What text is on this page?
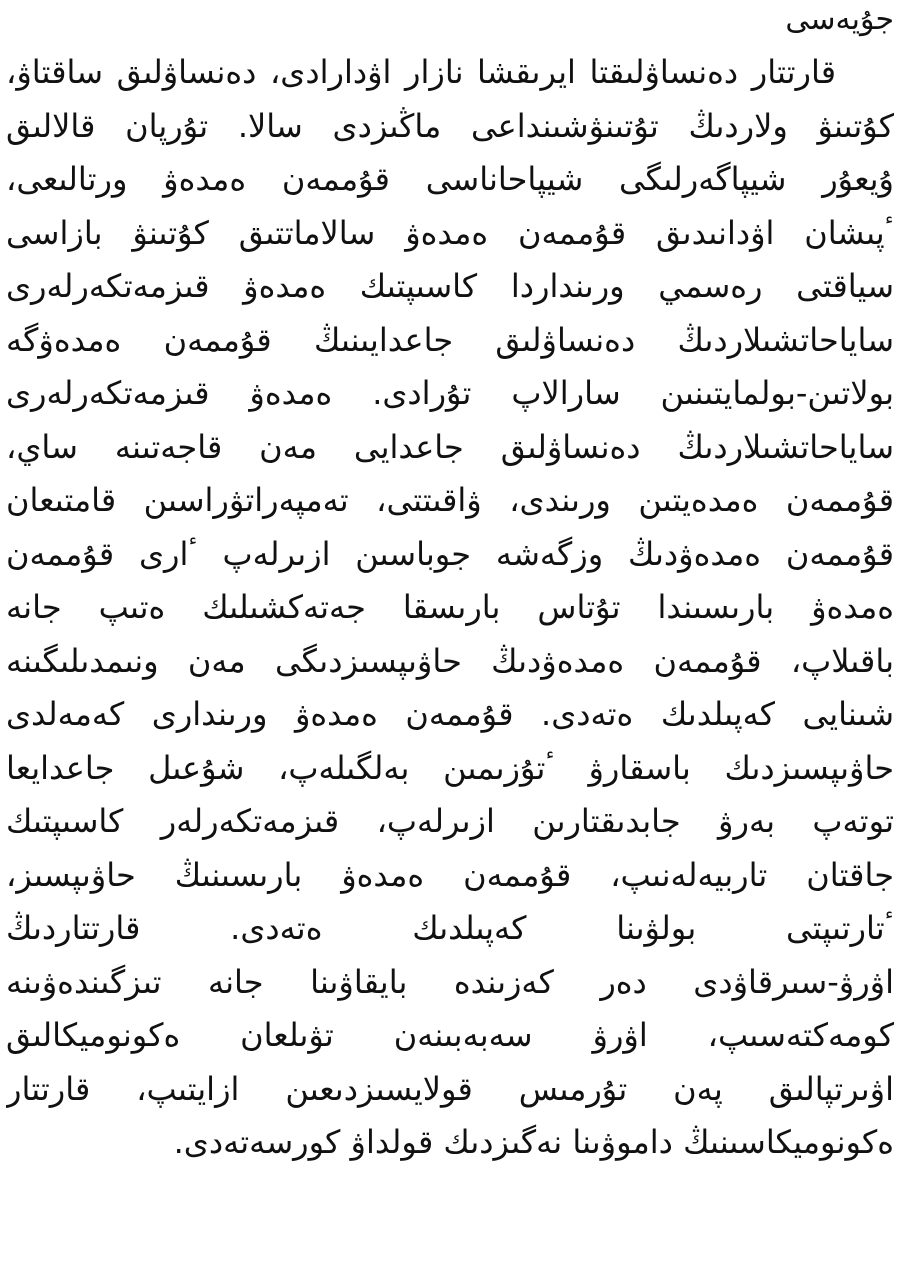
جۇيەسى
قارتتار دەنساۋلىقتا ايرىقشا نازار اۋدارادى، دەنساۋلىق ساقتاۋ،
كۇتىنۋ ولاردىڭ تۇتىنۋشىنداعى ماڭىزدى سالا. تۇرپان قالالىق
ۇيعۇر شيپاگەرلىگى شيپاحاناسى قۇممەن ەمدەۋ ورتالىعى،
ٴپىشان اۋدانىدىق قۇممەن ەمدەۋ سالاماتتىق كۇتىنۋ بازاسى
سياقتى رەسمي ورىنداردا كاسىپتىك ەمدەۋ قىزمەتكەرلەرى
ساياحاتشىلاردىڭ دەنساۋلىق جاعدايىنىڭ قۇممەن ەمدەۋگە
بولاتىن-بولمايتىنىن سارالاپ تۇرادى. ەمدەۋ قىزمەتكەرلەرى
ساياحاتشىلاردىڭ دەنساۋلىق جاعدايى مەن قاجەتىنە ساي،
قۇممەن ەمدەيتىن ورىندى، ۋاقىتتى، تەمپەراتۋراسىن قامتىعان
قۇممەن ەمدەۋدىڭ وزگەشە جوباسىن ازىرلەپ ٴارى قۇممەن
ەمدەۋ بارىسىندا تۇتاس بارىسقا جەتەكشىلىك ەتىپ جانە
باقىلاپ، قۇممەن ەمدەۋدىڭ حاۋىپسىزدىگى مەن ونىمدىلىگىنە
شىنايى كەپىلدىك ەتەدى. قۇممەن ەمدەۋ ورىندارى كەمەلدى
حاۋىپسىزدىك باسقارۋ ٴتۇزىمىن بەلگىلەپ، شۇعىل جاعدايعا
توتەپ بەرۋ جابدىقتارىن ازىرلەپ، قىزمەتكەرلەر كاسىپتىك
جاقتان تاربيەلەنىپ، قۇممەن ەمدەۋ بارىسىنىڭ حاۋىپسىز،
ٴتارتىپتى بولۋىنا كەپىلدىك ەتەدى. قارتتاردىڭ
اۋرۋ-سىرقاۋدى دەر كەزىندە بايقاۋىنا جانە تىزگىندەۋىنە
كومەكتەسىپ، اۋرۋ سەبەبىنەن تۋىلعان ەكونوميكالىق
اۋىرتپالىق پەن تۇرمىس قولايسىزدىعىن ازايتىپ، قارتتار
ەكونوميكاسىنىڭ داموۋىنا نەگىزدىك قولداۋ كورسەتەدى.
